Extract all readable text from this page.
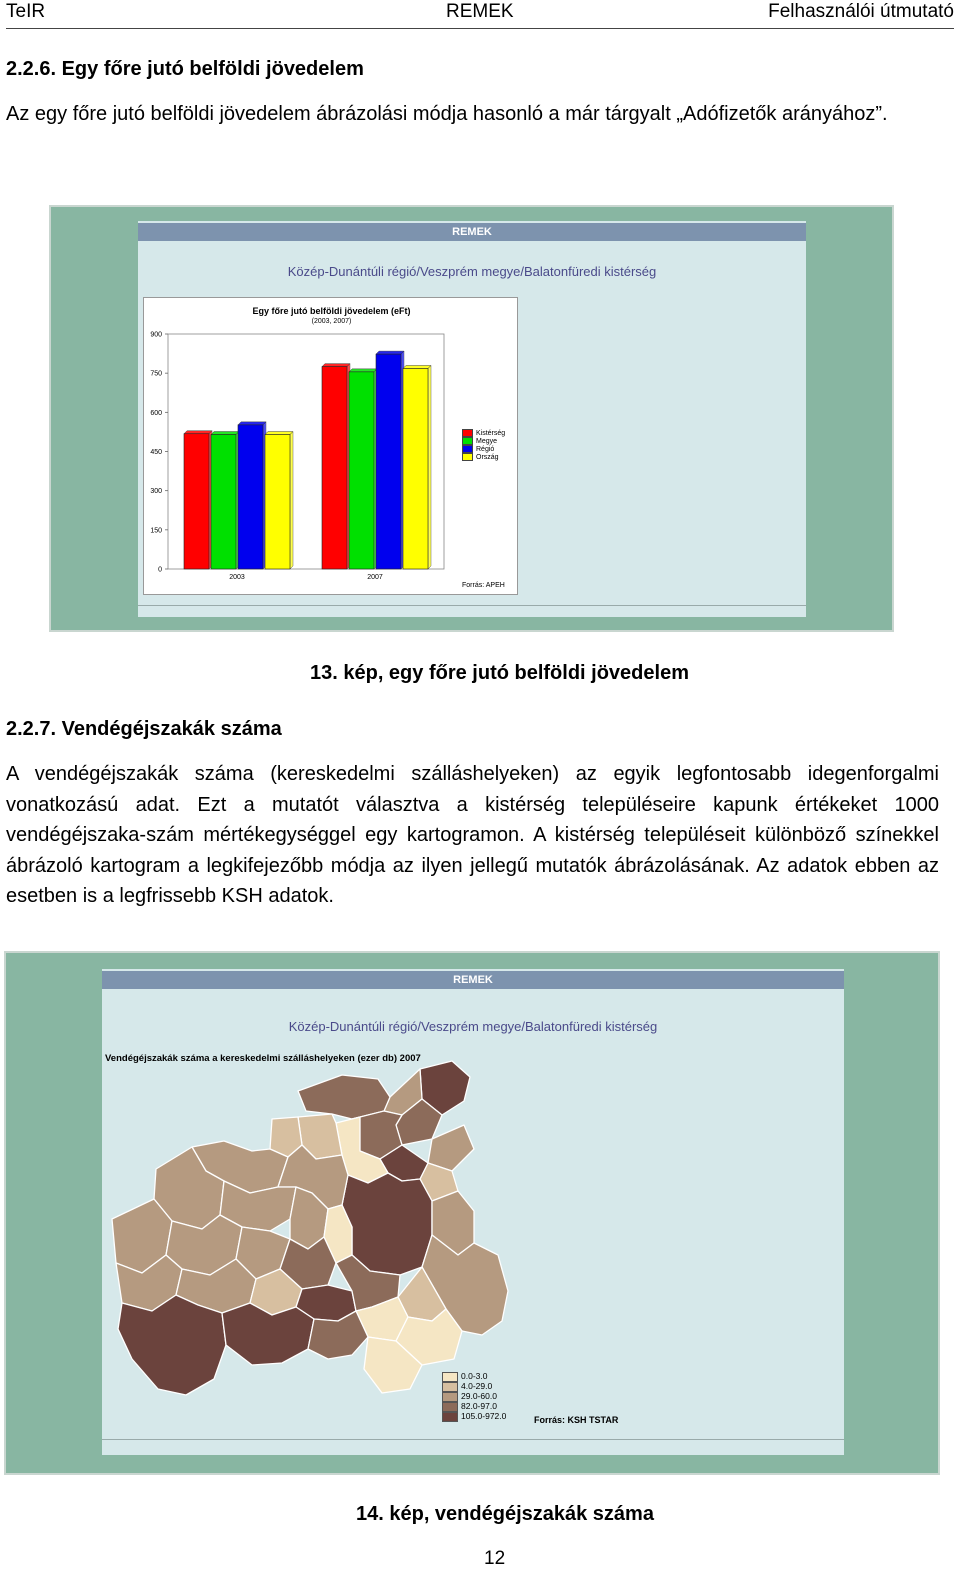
TeIR	REMEK	Felhasználói útmutató
2.2.6. Egy főre jutó belföldi jövedelem

Az egy főre jutó belföldi jövedelem ábrázolási módja hasonló a már tárgyalt „Adófizetők arányához”.

REMEK
Közép-Dunántúli régió/Veszprém megye/Balatonfüredi kistérség
Egy főre jutó belföldi jövedelem (eFt)
(2003, 2007)
900
750
600
450
300
150
0
2003	2007
Kistérség
Megye
Régió
Ország
Forrás: APEH
13. kép, egy főre jutó belföldi jövedelem
2.2.7. Vendégéjszakák száma

A vendégéjszakák száma (kereskedelmi szálláshelyeken) az egyik legfontosabb idegenforgalmi vonatkozású adat. Ezt a mutatót választva a kistérség településeire kapunk értékeket 1000 vendégéjszaka-szám mértékegységgel egy kartogramon. A kistérség településeit különböző színekkel ábrázoló kartogram a legkifejezőbb módja az ilyen jellegű mutatók ábrázolásának. Az adatok ebben az esetben is a legfrissebb KSH adatok.

REMEK
Közép-Dunántúli régió/Veszprém megye/Balatonfüredi kistérség
Vendégéjszakák száma a kereskedelmi szálláshelyeken (ezer db) 2007
0.0-3.0
4.0-29.0
29.0-60.0
82.0-97.0
105.0-972.0	Forrás: KSH TSTAR
14. kép, vendégéjszakák száma
12
